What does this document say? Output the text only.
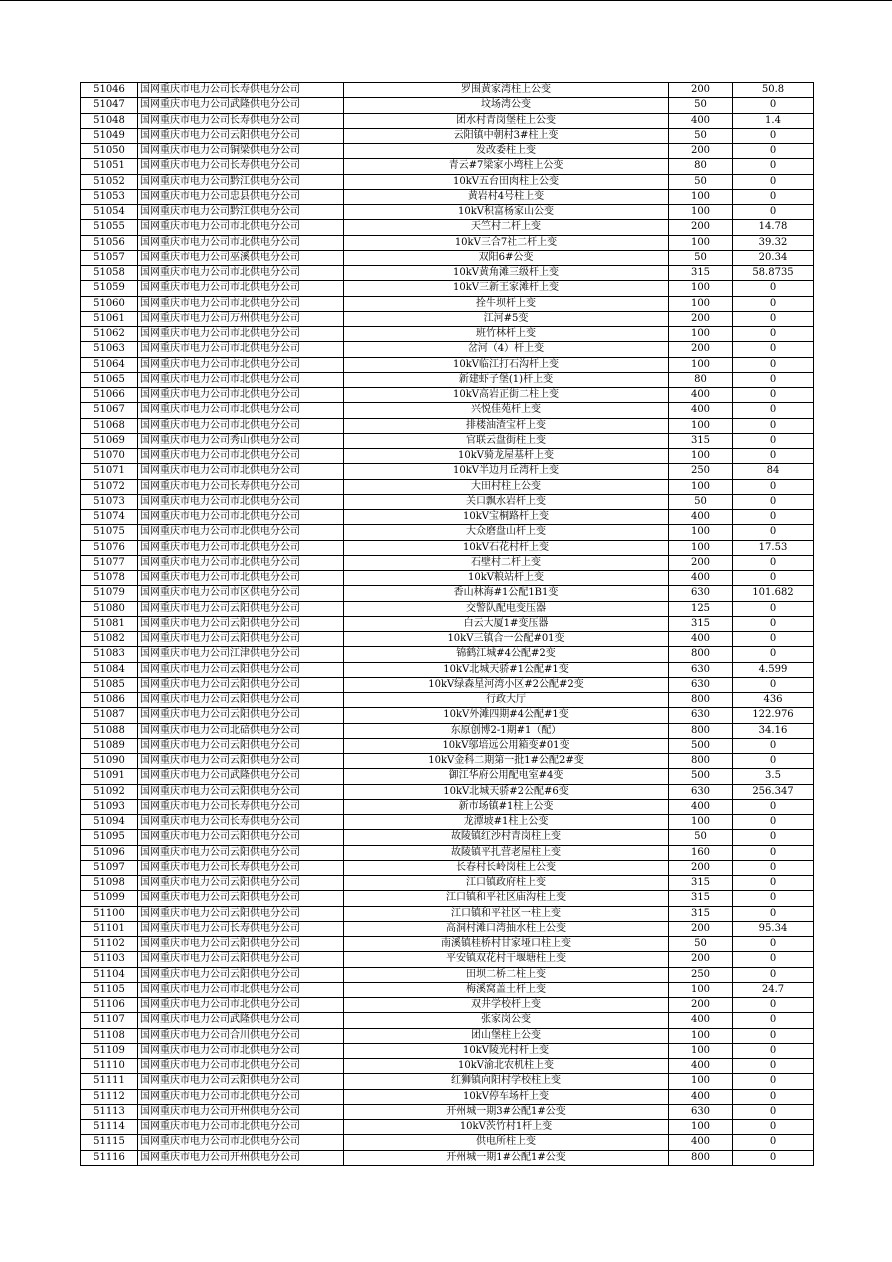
51046	国网重庆市电力公司长寿供电分公司	罗围黄家湾柱上公变	200	50.8
51047	国网重庆市电力公司武隆供电分公司	坟场湾公变	50	0
51048	国网重庆市电力公司长寿供电分公司	团水村青岗堡柱上公变	400	1.4
51049	国网重庆市电力公司云阳供电分公司	云阳镇中朝村3#柱上变	50	0
51050	国网重庆市电力公司铜梁供电分公司	发改委柱上变	200	0
51051	国网重庆市电力公司长寿供电分公司	青云#7梁家小塆柱上公变	80	0
51052	国网重庆市电力公司黔江供电分公司	10kV五台田肉柱上公变	50	0
51053	国网重庆市电力公司忠县供电分公司	黄岩村4号柱上变	100	0
51054	国网重庆市电力公司黔江供电分公司	10kV积富杨家山公变	100	0
51055	国网重庆市电力公司市北供电分公司	天竺村二杆上变	200	14.78
51056	国网重庆市电力公司市北供电分公司	10kV三合7社二杆上变	100	39.32
51057	国网重庆市电力公司巫溪供电分公司	双阳6#公变	50	20.34
51058	国网重庆市电力公司市北供电分公司	10kV黄角滩三级杆上变	315	58.8735
51059	国网重庆市电力公司市北供电分公司	10kV三新王家滩杆上变	100	0
51060	国网重庆市电力公司市北供电分公司	拴牛坝杆上变	100	0
51061	国网重庆市电力公司万州供电分公司	江河#5变	200	0
51062	国网重庆市电力公司市北供电分公司	班竹林杆上变	100	0
51063	国网重庆市电力公司市北供电分公司	岔河（4）杆上变	200	0
51064	国网重庆市电力公司市北供电分公司	10kV临江打石沟杆上变	100	0
51065	国网重庆市电力公司市北供电分公司	新建虾子堡(1)杆上变	80	0
51066	国网重庆市电力公司市北供电分公司	10kV高岩正街二柱上变	400	0
51067	国网重庆市电力公司市北供电分公司	兴悦佳苑杆上变	400	0
51068	国网重庆市电力公司市北供电分公司	排楼油渣宝杆上变	100	0
51069	国网重庆市电力公司秀山供电分公司	官联云盘街柱上变	315	0
51070	国网重庆市电力公司市北供电分公司	10kV骑龙屋基杆上变	100	0
51071	国网重庆市电力公司市北供电分公司	10kV半边月丘湾杆上变	250	84
51072	国网重庆市电力公司长寿供电分公司	大田村柱上公变	100	0
51073	国网重庆市电力公司市北供电分公司	关口飘水岩杆上变	50	0
51074	国网重庆市电力公司市北供电分公司	10kV宝桐路杆上变	400	0
51075	国网重庆市电力公司市北供电分公司	大众磨盘山杆上变	100	0
51076	国网重庆市电力公司市北供电分公司	10kV石花村杆上变	100	17.53
51077	国网重庆市电力公司市北供电分公司	石壁村二杆上变	200	0
51078	国网重庆市电力公司市北供电分公司	10kV粮站杆上变	400	0
51079	国网重庆市电力公司市区供电分公司	香山林海#1公配1B1变	630	101.682
51080	国网重庆市电力公司云阳供电分公司	交警队配电变压器	125	0
51081	国网重庆市电力公司云阳供电分公司	白云大厦1#变压器	315	0
51082	国网重庆市电力公司云阳供电分公司	10kV三镇合一公配#01变	400	0
51083	国网重庆市电力公司江津供电分公司	锦鹤江城#4公配#2变	800	0
51084	国网重庆市电力公司云阳供电分公司	10kV北城天骄#1公配#1变	630	4.599
51085	国网重庆市电力公司云阳供电分公司	10kV绿森星河湾小区#2公配#2变	630	0
51086	国网重庆市电力公司云阳供电分公司	行政大厅	800	436
51087	国网重庆市电力公司云阳供电分公司	10kV外滩四期#4公配#1变	630	122.976
51088	国网重庆市电力公司北碚供电分公司	东原创博2-1期#1（配）	800	34.16
51089	国网重庆市电力公司云阳供电分公司	10kV邬培远公用箱变#01变	500	0
51090	国网重庆市电力公司云阳供电分公司	10kV金科二期第一批1#公配2#变	800	0
51091	国网重庆市电力公司武隆供电分公司	御江华府公用配电室#4变	500	3.5
51092	国网重庆市电力公司云阳供电分公司	10kV北城天骄#2公配#6变	630	256.347
51093	国网重庆市电力公司长寿供电分公司	新市场镇#1柱上公变	400	0
51094	国网重庆市电力公司长寿供电分公司	龙潭坡#1柱上公变	100	0
51095	国网重庆市电力公司云阳供电分公司	故陵镇红沙村青岗柱上变	50	0
51096	国网重庆市电力公司云阳供电分公司	故陵镇平扎营老屋柱上变	160	0
51097	国网重庆市电力公司长寿供电分公司	长春村长岭岗柱上公变	200	0
51098	国网重庆市电力公司云阳供电分公司	江口镇政府柱上变	315	0
51099	国网重庆市电力公司云阳供电分公司	江口镇和平社区庙沟柱上变	315	0
51100	国网重庆市电力公司云阳供电分公司	江口镇和平社区一柱上变	315	0
51101	国网重庆市电力公司长寿供电分公司	高洞村滩口湾抽水柱上公变	200	95.34
51102	国网重庆市电力公司云阳供电分公司	南溪镇桂桥村甘家垭口柱上变	50	0
51103	国网重庆市电力公司云阳供电分公司	平安镇双花村干堰塘柱上变	200	0
51104	国网重庆市电力公司云阳供电分公司	田坝二桥二柱上变	250	0
51105	国网重庆市电力公司市北供电分公司	梅溪窝盖土杆上变	100	24.7
51106	国网重庆市电力公司市北供电分公司	双井学校杆上变	200	0
51107	国网重庆市电力公司武隆供电分公司	张家岗公变	400	0
51108	国网重庆市电力公司合川供电分公司	团山堡柱上公变	100	0
51109	国网重庆市电力公司市北供电分公司	10kV陵光村杆上变	100	0
51110	国网重庆市电力公司市北供电分公司	10kV渝北农机柱上变	400	0
51111	国网重庆市电力公司云阳供电分公司	红狮镇向阳村学校柱上变	100	0
51112	国网重庆市电力公司市北供电分公司	10kV停车场杆上变	400	0
51113	国网重庆市电力公司开州供电分公司	开州城一期3#公配1#公变	630	0
51114	国网重庆市电力公司市北供电分公司	10kV茨竹村1杆上变	100	0
51115	国网重庆市电力公司市北供电分公司	供电所柱上变	400	0
51116	国网重庆市电力公司开州供电分公司	开州城一期1#公配1#公变	800	0
